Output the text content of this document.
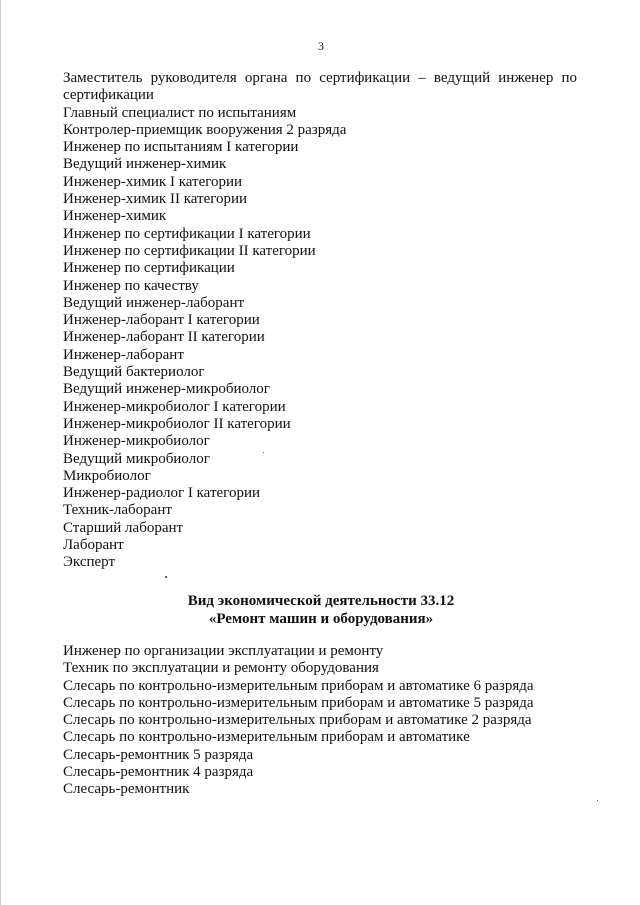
3
Заместитель руководителя органа по сертификации – ведущий инженер по сертификации
Главный специалист по испытаниям
Контролер-приемщик вооружения 2 разряда
Инженер по испытаниям I категории
Ведущий инженер-химик
Инженер-химик I категории
Инженер-химик II категории
Инженер-химик
Инженер по сертификации I категории
Инженер по сертификации II категории
Инженер по сертификации
Инженер по качеству
Ведущий инженер-лаборант
Инженер-лаборант I категории
Инженер-лаборант II категории
Инженер-лаборант
Ведущий бактериолог
Ведущий инженер-микробиолог
Инженер-микробиолог I категории
Инженер-микробиолог II категории
Инженер-микробиолог
Ведущий микробиолог
Микробиолог
Инженер-радиолог I категории
Техник-лаборант
Старший лаборант
Лаборант
Эксперт
Вид экономической деятельности 33.12
«Ремонт машин и оборудования»
Инженер по организации эксплуатации и ремонту
Техник по эксплуатации и ремонту оборудования
Слесарь по контрольно-измерительным приборам и автоматике 6 разряда
Слесарь по контрольно-измерительным приборам и автоматике 5 разряда
Слесарь по контрольно-измерительных приборам и автоматике 2 разряда
Слесарь по контрольно-измерительным приборам и автоматике
Слесарь-ремонтник 5 разряда
Слесарь-ремонтник 4 разряда
Слесарь-ремонтник
